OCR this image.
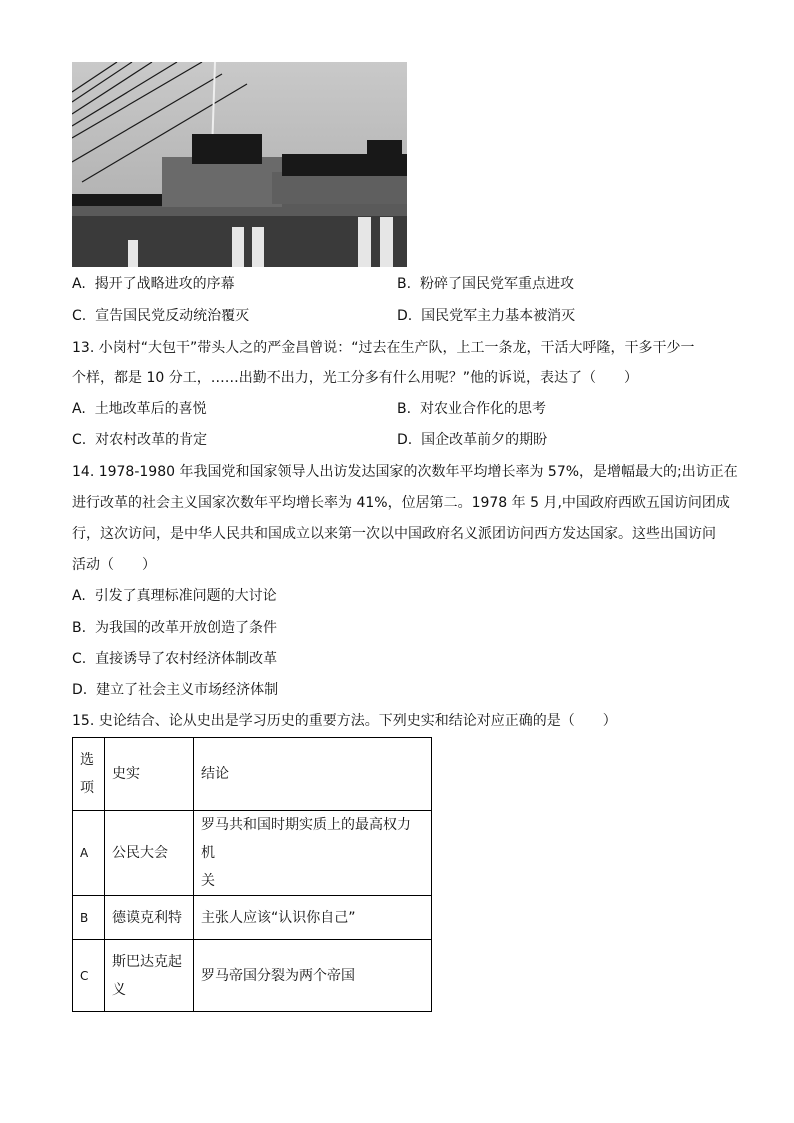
A. 揭开了战略进攻的序幕	B. 粉碎了国民党军重点进攻
C. 宣告国民党反动统治覆灭	D. 国民党军主力基本被消灭
13. 小岗村“大包干”带头人之的严金昌曾说：“过去在生产队，上工一条龙，干活大呼隆，干多干少一
个样，都是 10 分工，……出勤不出力，光工分多有什么用呢？”他的诉说，表达了（　　）
A. 土地改革后的喜悦	B. 对农业合作化的思考
C. 对农村改革的肯定	D. 国企改革前夕的期盼
14. 1978-1980 年我国党和国家领导人出访发达国家的次数年平均增长率为 57%，是增幅最大的;出访正在
进行改革的社会主义国家次数年平均增长率为 41%，位居第二。1978 年 5 月,中国政府西欧五国访问团成
行，这次访问，是中华人民共和国成立以来第一次以中国政府名义派团访问西方发达国家。这些出国访问
活动（　　）
A. 引发了真理标准问题的大讨论
B. 为我国的改革开放创造了条件
C. 直接诱导了农村经济体制改革
D. 建立了社会主义市场经济体制
15. 史论结合、论从史出是学习历史的重要方法。下列史实和结论对应正确的是（　　）
选
项	史实	结论
A	公民大会	罗马共和国时期实质上的最高权力机
关
B	德谟克利特	主张人应该“认识你自己”
C	斯巴达克起
义	罗马帝国分裂为两个帝国
